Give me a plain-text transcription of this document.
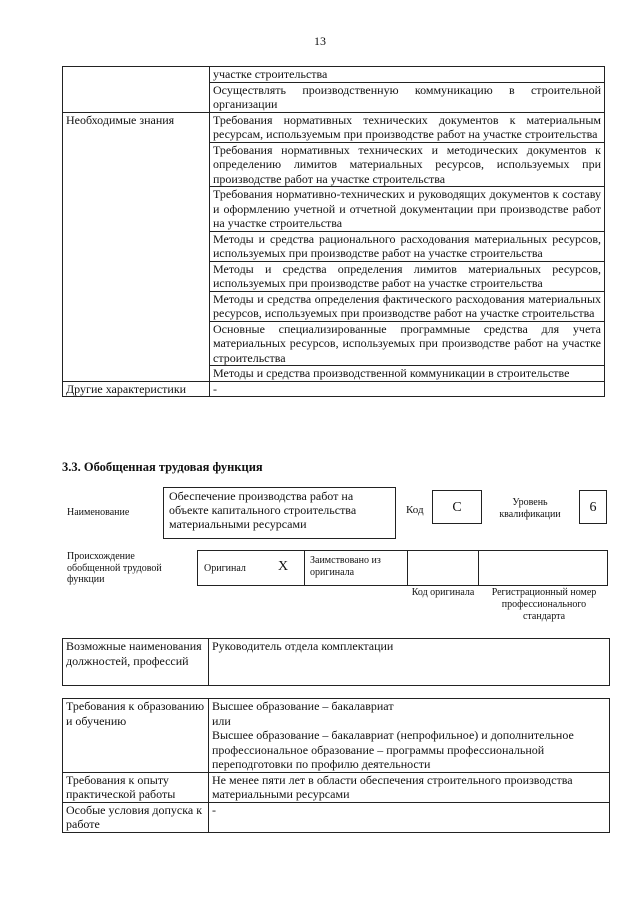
13
	участке строительства
	Осуществлять производственную коммуникацию в строительной организации
Необходимые знания	Требования нормативных технических документов к материальным ресурсам, используемым при производстве работ на участке строительства
	Требования нормативных технических и методических документов к определению лимитов материальных ресурсов, используемых при производстве работ на участке строительства
	Требования нормативно-технических и руководящих документов к составу и оформлению учетной и отчетной документации при производстве работ на участке строительства
	Методы и средства рационального расходования материальных ресурсов, используемых при производстве работ на участке строительства
	Методы и средства определения лимитов материальных ресурсов, используемых при производстве работ на участке строительства
	Методы и средства определения фактического расходования материальных ресурсов, используемых при производстве работ на участке строительства
	Основные специализированные программные средства для учета материальных ресурсов, используемых при производстве работ на участке строительства
	Методы и средства производственной коммуникации в строительстве
Другие характеристики	-
3.3. Обобщенная трудовая функция
Наименование
Обеспечение производства работ на объекте капитального строительства материальными ресурсами
Код	С	Уровень квалификации	6
Происхождение обобщенной трудовой функции
Оригинал X Заимствовано из оригинала
Код оригинала	Регистрационный номер профессионального стандарта
Возможные наименования должностей, профессий	Руководитель отдела комплектации
Требования к образованию и обучению	Высшее образование – бакалавриат
или
Высшее образование – бакалавриат (непрофильное) и дополнительное профессиональное образование – программы профессиональной переподготовки по профилю деятельности

Требования к опыту практической работы	Не менее пяти лет в области обеспечения строительного производства материальными ресурсами
Особые условия допуска к работе	-
